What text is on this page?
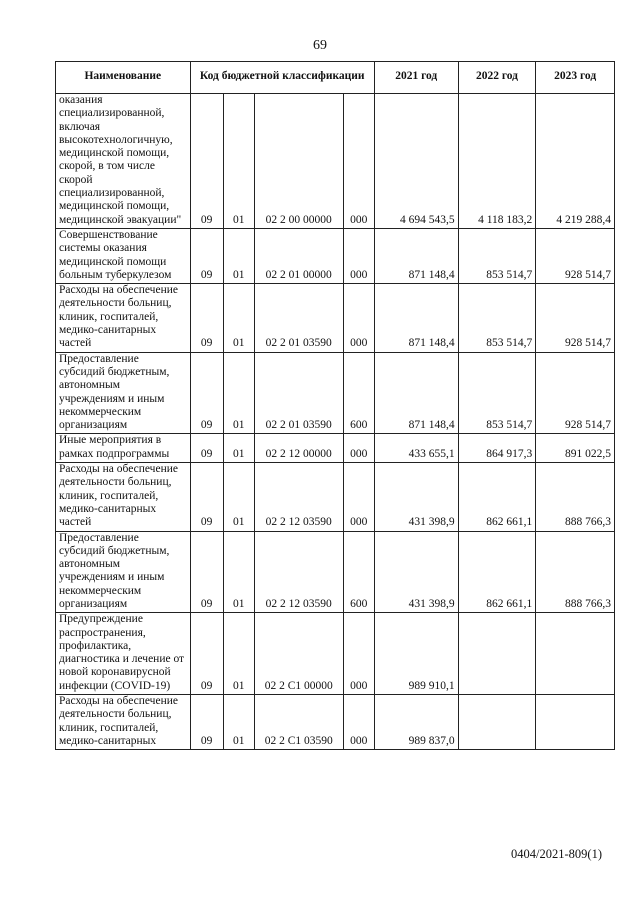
69
Наименование	Код бюджетной классификации				2021 год	2022 год	2023 год
оказания специализированной, включая высокотехнологичную, медицинской помощи, скорой, в том числе скорой специализированной, медицинской помощи, медицинской эвакуации"	09	01	02 2 00 00000	000	4 694 543,5	4 118 183,2	4 219 288,4
Совершенствование системы оказания медицинской помощи больным туберкулезом	09	01	02 2 01 00000	000	871 148,4	853 514,7	928 514,7
Расходы на обеспечение деятельности больниц, клиник, госпиталей, медико-санитарных частей	09	01	02 2 01 03590	000	871 148,4	853 514,7	928 514,7
Предоставление субсидий бюджетным, автономным учреждениям и иным некоммерческим организациям	09	01	02 2 01 03590	600	871 148,4	853 514,7	928 514,7
Иные мероприятия в рамках подпрограммы	09	01	02 2 12 00000	000	433 655,1	864 917,3	891 022,5
Расходы на обеспечение деятельности больниц, клиник, госпиталей, медико-санитарных частей	09	01	02 2 12 03590	000	431 398,9	862 661,1	888 766,3
Предоставление субсидий бюджетным, автономным учреждениям и иным некоммерческим организациям	09	01	02 2 12 03590	600	431 398,9	862 661,1	888 766,3
Предупреждение распространения, профилактика, диагностика и лечение от новой коронавирусной инфекции (COVID-19)	09	01	02 2 C1 00000	000	989 910,1		
Расходы на обеспечение деятельности больниц, клиник, госпиталей, медико-санитарных	09	01	02 2 C1 03590	000	989 837,0		
0404/2021-809(1)
